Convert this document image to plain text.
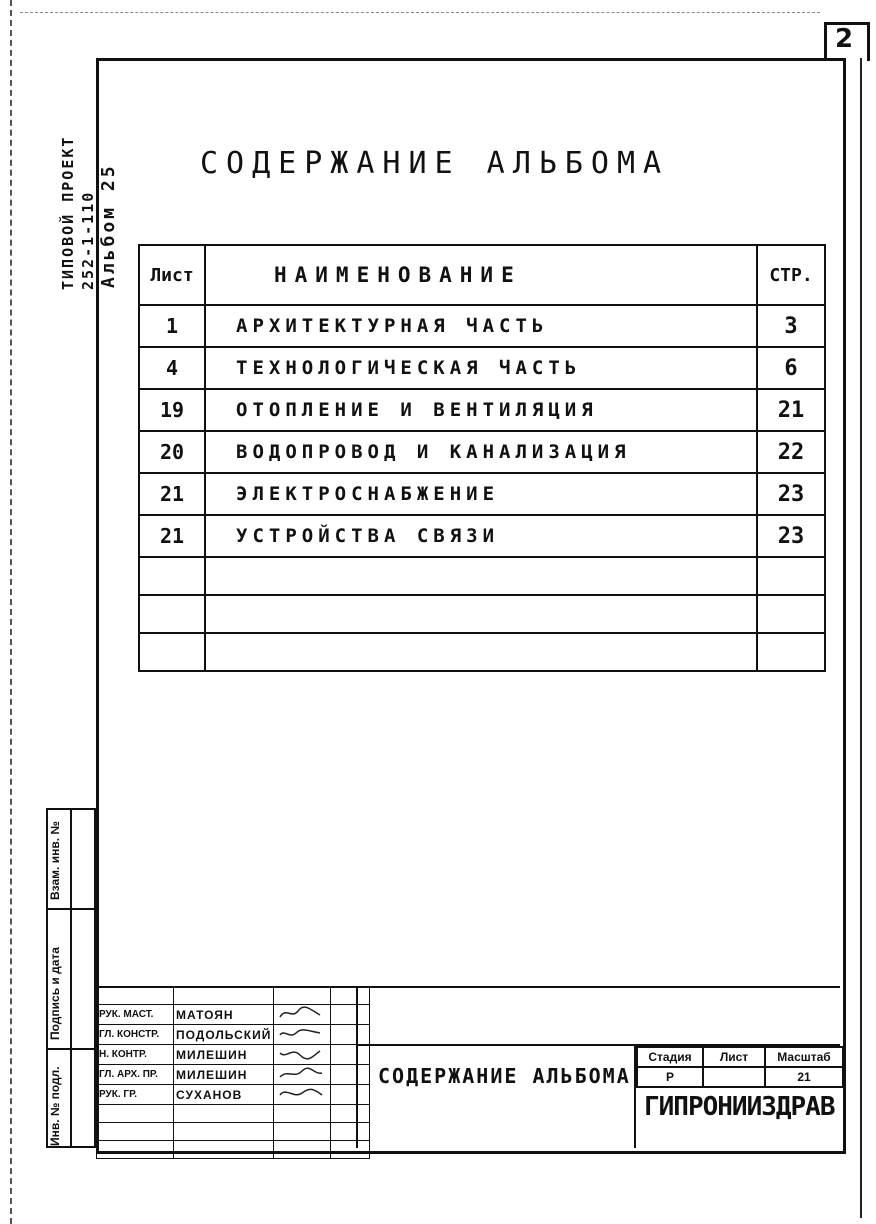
2
ТИПОВОЙ ПРОЕКТ 252-1-110 Альбом 25	СОДЕРЖАНИЕ АЛЬБОМА
Лист	НАИМЕНОВАНИЕ	СТР.
1	АРХИТЕКТУРНАЯ ЧАСТЬ	3
4	ТЕХНОЛОГИЧЕСКАЯ ЧАСТЬ	6
19	ОТОПЛЕНИЕ И ВЕНТИЛЯЦИЯ	21
20	ВОДОПРОВОД И КАНАЛИЗАЦИЯ	22
21	ЭЛЕКТРОСНАБЖЕНИЕ	23
21	УСТРОЙСТВА СВЯЗИ	23

Взам. инв. №
Подпись и дата
Инв. № подл.

РУК. МАСТ.	МАТОЯН		
ГЛ. КОНСТР.	ПОДОЛЬСКИЙ		
Н. КОНТР.	МИЛЕШИН		
ГЛ. АРХ. ПР.	МИЛЕШИН		
РУК. ГР.	СУХАНОВ		

СОДЕРЖАНИЕ АЛЬБОМА
Стадия	Лист	Масштаб
Р		21
ГИПРОНИИЗДРАВ
